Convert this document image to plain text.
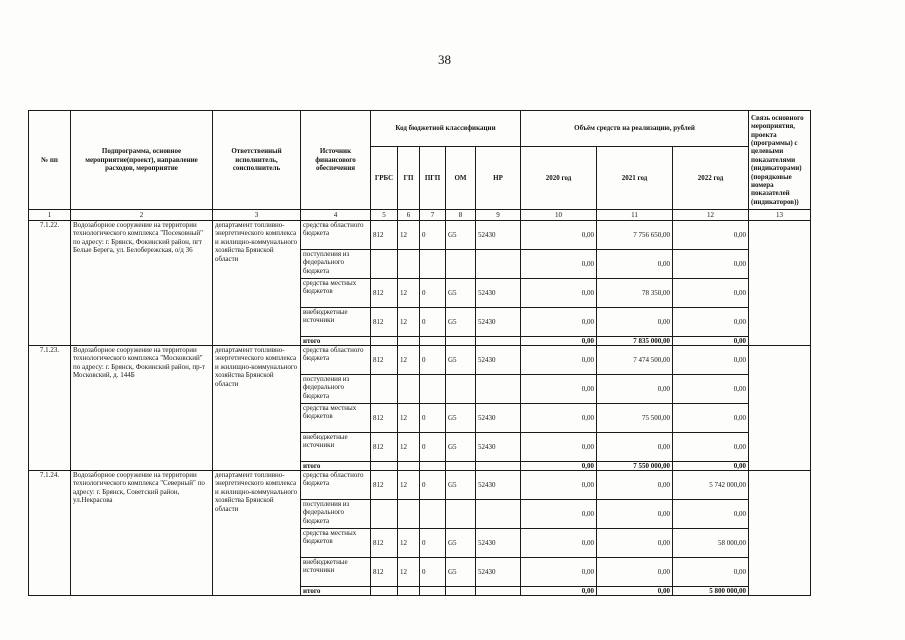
38
№ пп	Подпрограмма, основное мероприятие(проект), направление расходов, мероприятие	Ответственный исполнитель, соисполнитель	Источник финансового обеспечения	Код бюджетной классификации					Объём средств на реализацию, рублей			Связь основного мероприятия, проекта (программы) с целевыми показателями (индикаторами) (порядковые номера показателей (индикаторов))
				ГРБС	ГП	ПГП	ОМ	НР	2020 год	2021 год	2022 год	
1	2	3	4	5	6	7	8	9	10	11	12	13
7.1.22.	Водозаборное сооружение на территории технологического комплекса "Посековный" по адресу: г. Брянск, Фокинский район, пгт Белые Берега, ул. Белобережская, о/д 36	департамент топливно-энергетического комплекса и жилищно-коммунального хозяйства Брянской области	средства областного бюджета	812	12	0	G5	52430	0,00	7 756 650,00	0,00	
			поступления из федерального бюджета						0,00	0,00	0,00	
			средства местных бюджетов	812	12	0	G5	52430	0,00	78 350,00	0,00	
			внебюджетные источники	812	12	0	G5	52430	0,00	0,00	0,00	
			итого						0,00	7 835 000,00	0,00	
7.1.23.	Водозаборное сооружение на территории технологического комплекса "Московский" по адресу: г. Брянск, Фокинский район, пр-т Московский, д. 144Б	департамент топливно-энергетического комплекса и жилищно-коммунального хозяйства Брянской области	средства областного бюджета	812	12	0	G5	52430	0,00	7 474 500,00	0,00	
			поступления из федерального бюджета						0,00	0,00	0,00	
			средства местных бюджетов	812	12	0	G5	52430	0,00	75 500,00	0,00	
			внебюджетные источники	812	12	0	G5	52430	0,00	0,00	0,00	
			итого						0,00	7 550 000,00	0,00	
7.1.24.	Водозаборное сооружение на территории технологического комплекса "Северный" по адресу: г. Брянск, Советский район, ул.Некрасова	департамент топливно-энергетического комплекса и жилищно-коммунального хозяйства Брянской области	средства областного бюджета	812	12	0	G5	52430	0,00	0,00	5 742 000,00	
			поступления из федерального бюджета						0,00	0,00	0,00	
			средства местных бюджетов	812	12	0	G5	52430	0,00	0,00	58 000,00	
			внебюджетные источники	812	12	0	G5	52430	0,00	0,00	0,00	
			итого						0,00	0,00	5 800 000,00	
